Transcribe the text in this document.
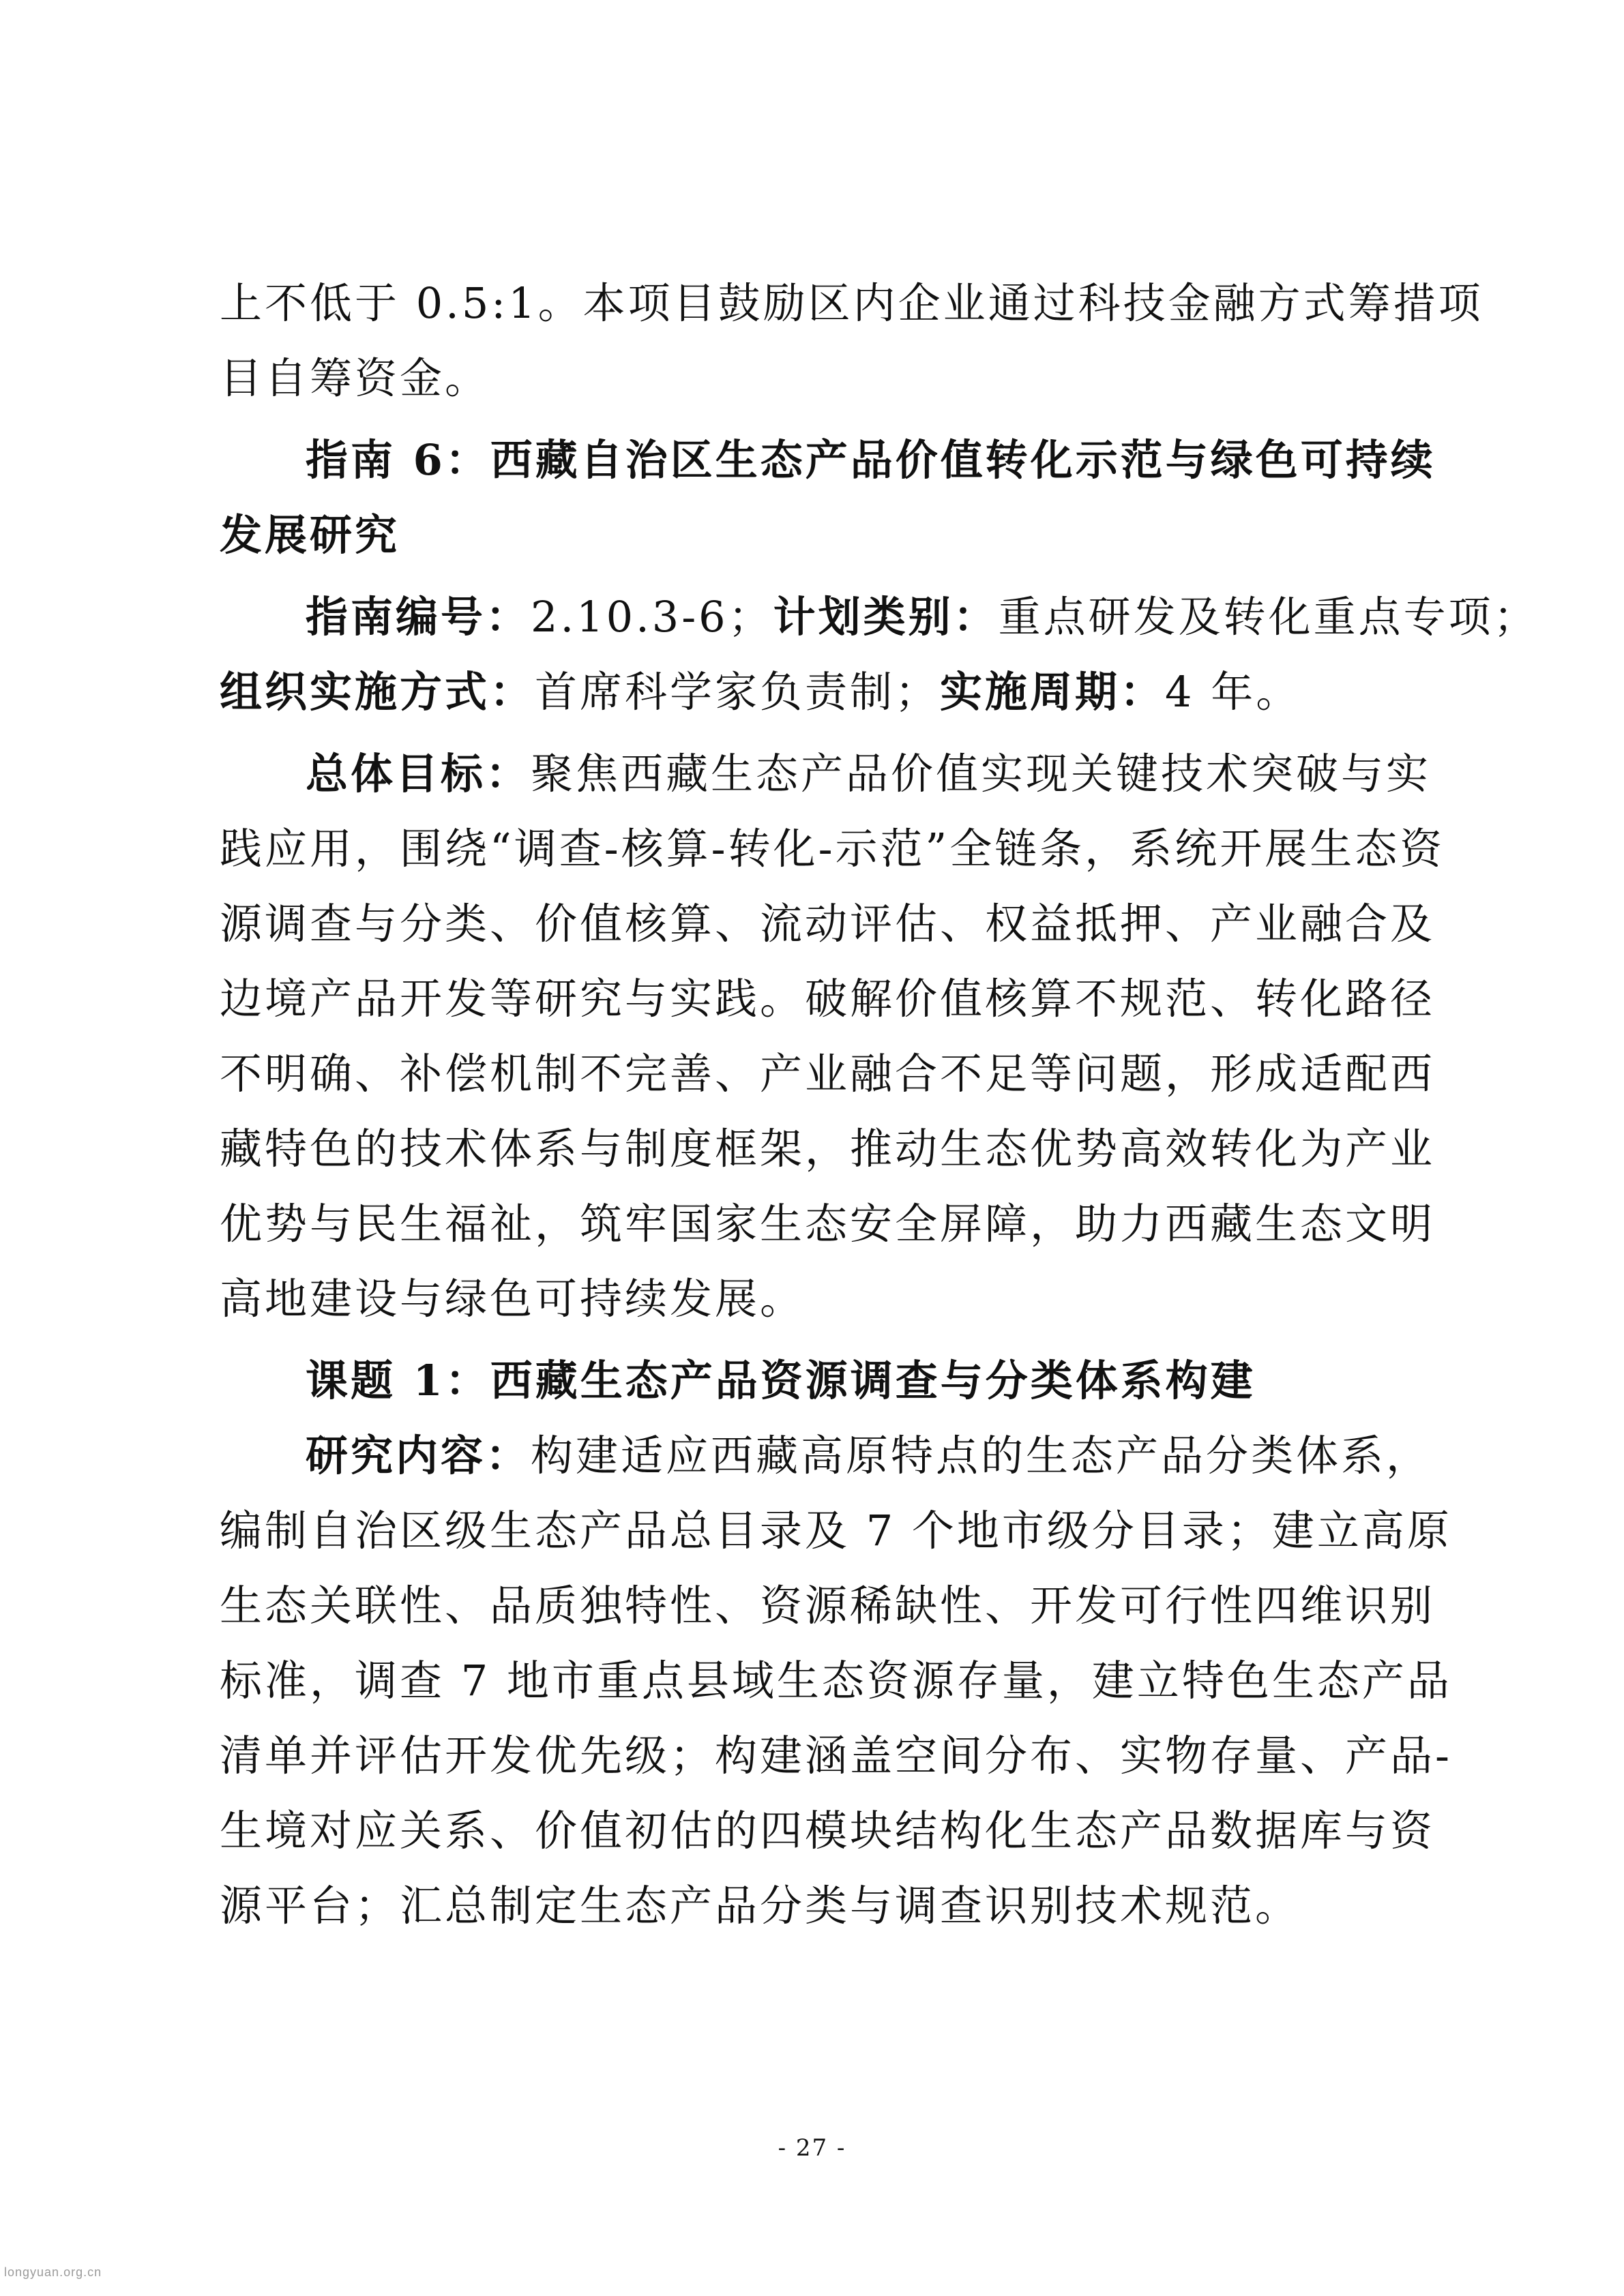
上不低于 0.5:1。本项目鼓励区内企业通过科技金融方式筹措项
目自筹资金。
指南 6：西藏自治区生态产品价值转化示范与绿色可持续
发展研究
指南编号：2.10.3-6；计划类别：重点研发及转化重点专项；
组织实施方式：首席科学家负责制；实施周期：4 年。
总体目标：聚焦西藏生态产品价值实现关键技术突破与实
践应用，围绕“调查-核算-转化-示范”全链条，系统开展生态资
源调查与分类、价值核算、流动评估、权益抵押、产业融合及
边境产品开发等研究与实践。破解价值核算不规范、转化路径
不明确、补偿机制不完善、产业融合不足等问题，形成适配西
藏特色的技术体系与制度框架，推动生态优势高效转化为产业
优势与民生福祉，筑牢国家生态安全屏障，助力西藏生态文明
高地建设与绿色可持续发展。
课题 1：西藏生态产品资源调查与分类体系构建
研究内容：构建适应西藏高原特点的生态产品分类体系，
编制自治区级生态产品总目录及 7 个地市级分目录；建立高原
生态关联性、品质独特性、资源稀缺性、开发可行性四维识别
标准，调查 7 地市重点县域生态资源存量，建立特色生态产品
清单并评估开发优先级；构建涵盖空间分布、实物存量、产品-
生境对应关系、价值初估的四模块结构化生态产品数据库与资
源平台；汇总制定生态产品分类与调查识别技术规范。
- 27 -
longyuan.org.cn
